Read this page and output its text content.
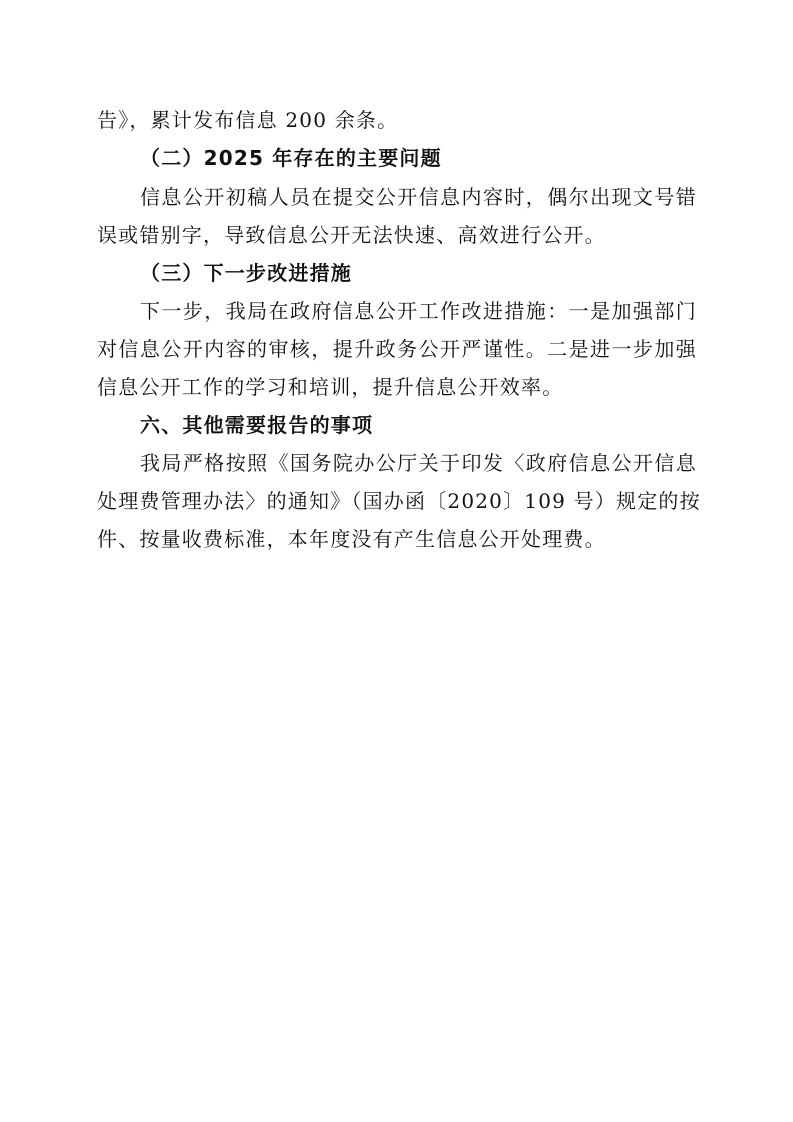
告》，累计发布信息 200 余条。
（二）2025 年存在的主要问题
信息公开初稿人员在提交公开信息内容时，偶尔出现文号错
误或错别字，导致信息公开无法快速、高效进行公开。
（三）下一步改进措施
下一步，我局在政府信息公开工作改进措施：一是加强部门
对信息公开内容的审核，提升政务公开严谨性。二是进一步加强
信息公开工作的学习和培训，提升信息公开效率。
六、其他需要报告的事项
我局严格按照《国务院办公厅关于印发〈政府信息公开信息
处理费管理办法〉的通知》（国办函〔2020〕109 号）规定的按
件、按量收费标准，本年度没有产生信息公开处理费。
